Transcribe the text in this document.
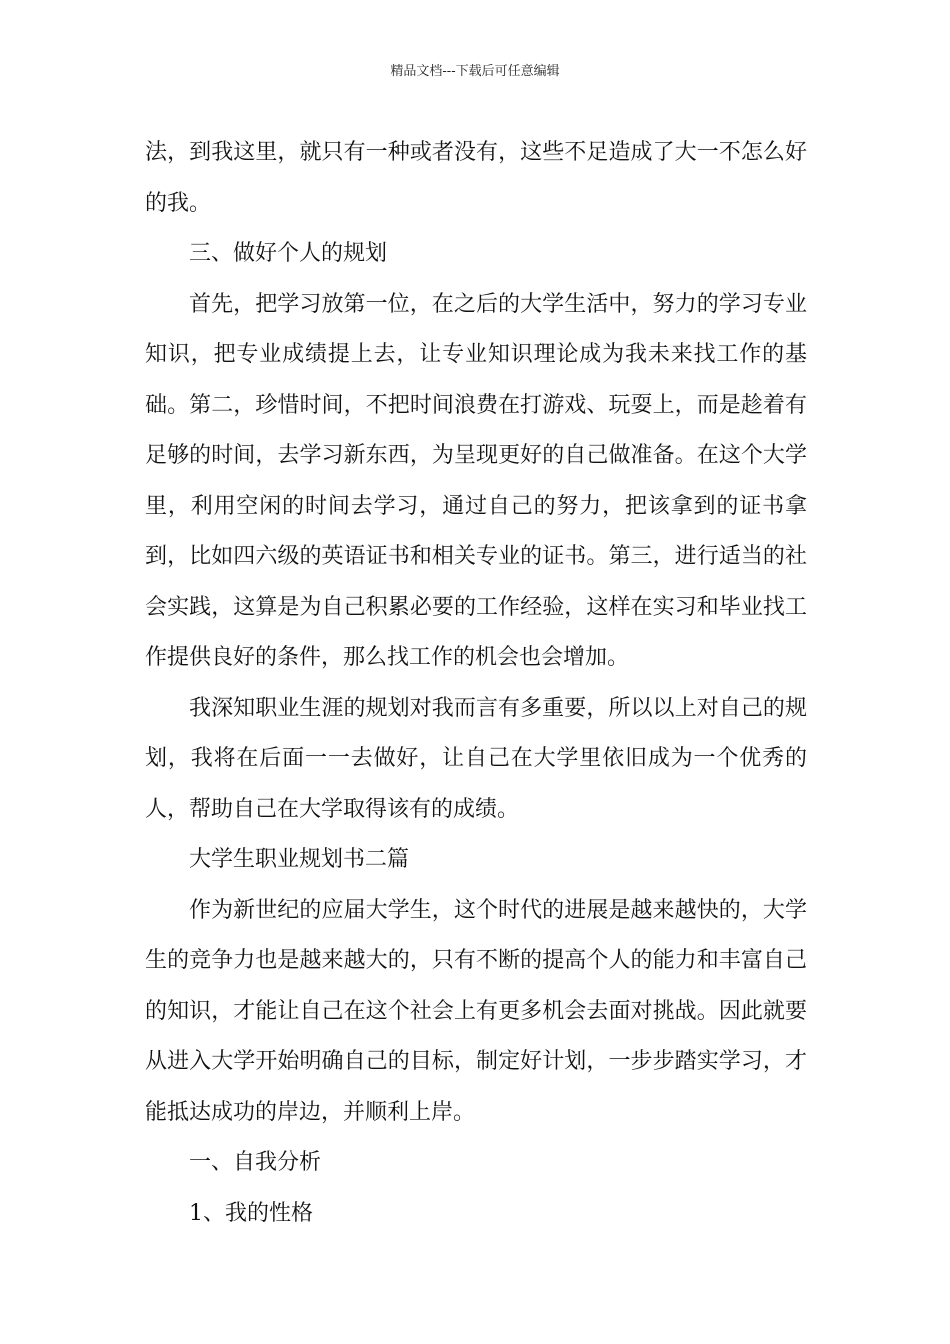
精品文档---下载后可任意编辑

法，到我这里，就只有一种或者没有，这些不足造成了大一不怎么好的我。

三、做好个人的规划

首先，把学习放第一位，在之后的大学生活中，努力的学习专业知识，把专业成绩提上去，让专业知识理论成为我未来找工作的基础。第二，珍惜时间，不把时间浪费在打游戏、玩耍上，而是趁着有足够的时间，去学习新东西，为呈现更好的自己做准备。在这个大学里，利用空闲的时间去学习，通过自己的努力，把该拿到的证书拿到，比如四六级的英语证书和相关专业的证书。第三，进行适当的社会实践，这算是为自己积累必要的工作经验，这样在实习和毕业找工作提供良好的条件，那么找工作的机会也会增加。

我深知职业生涯的规划对我而言有多重要，所以以上对自己的规划，我将在后面一一去做好，让自己在大学里依旧成为一个优秀的人，帮助自己在大学取得该有的成绩。

大学生职业规划书二篇

作为新世纪的应届大学生，这个时代的进展是越来越快的，大学生的竞争力也是越来越大的，只有不断的提高个人的能力和丰富自己的知识，才能让自己在这个社会上有更多机会去面对挑战。因此就要从进入大学开始明确自己的目标，制定好计划，一步步踏实学习，才能抵达成功的岸边，并顺利上岸。

一、自我分析

1、我的性格
